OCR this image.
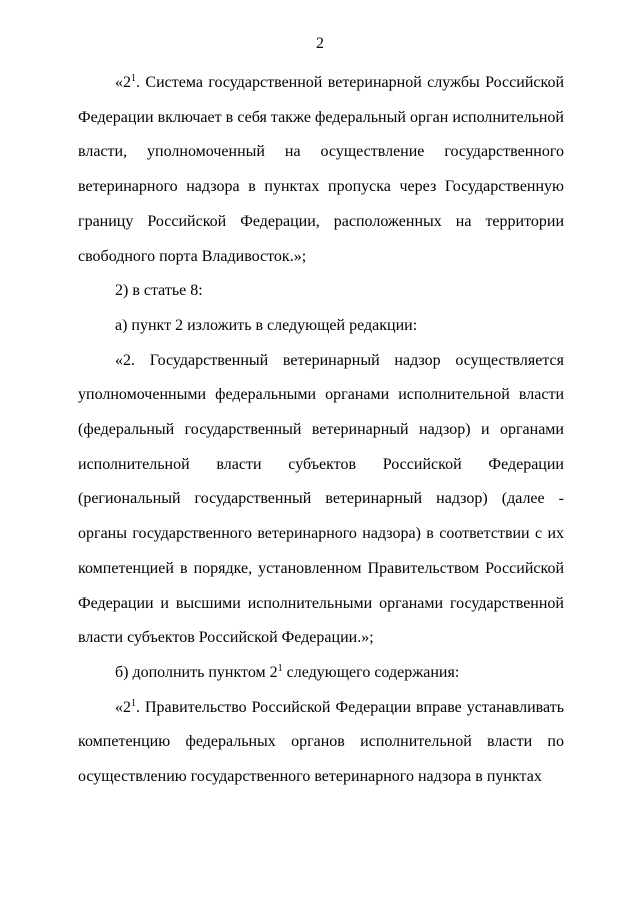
2

«$2^1$. Система государственной ветеринарной службы Российской Федерации включает в себя также федеральный орган исполнительной власти, уполномоченный на осуществление государственного ветеринарного надзора в пунктах пропуска через Государственную границу Российской Федерации, расположенных на территории свободного порта Владивосток.»;

2) в статье 8:

а) пункт 2 изложить в следующей редакции:

«2. Государственный ветеринарный надзор осуществляется уполномоченными федеральными органами исполнительной власти (федеральный государственный ветеринарный надзор) и органами исполнительной власти субъектов Российской Федерации (региональный государственный ветеринарный надзор) (далее - органы государственного ветеринарного надзора) в соответствии с их компетенцией в порядке, установленном Правительством Российской Федерации и высшими исполнительными органами государственной власти субъектов Российской Федерации.»;

б) дополнить пунктом $2^1$ следующего содержания:

«$2^1$. Правительство Российской Федерации вправе устанавливать компетенцию федеральных органов исполнительной власти по осуществлению государственного ветеринарного надзора в пунктах
